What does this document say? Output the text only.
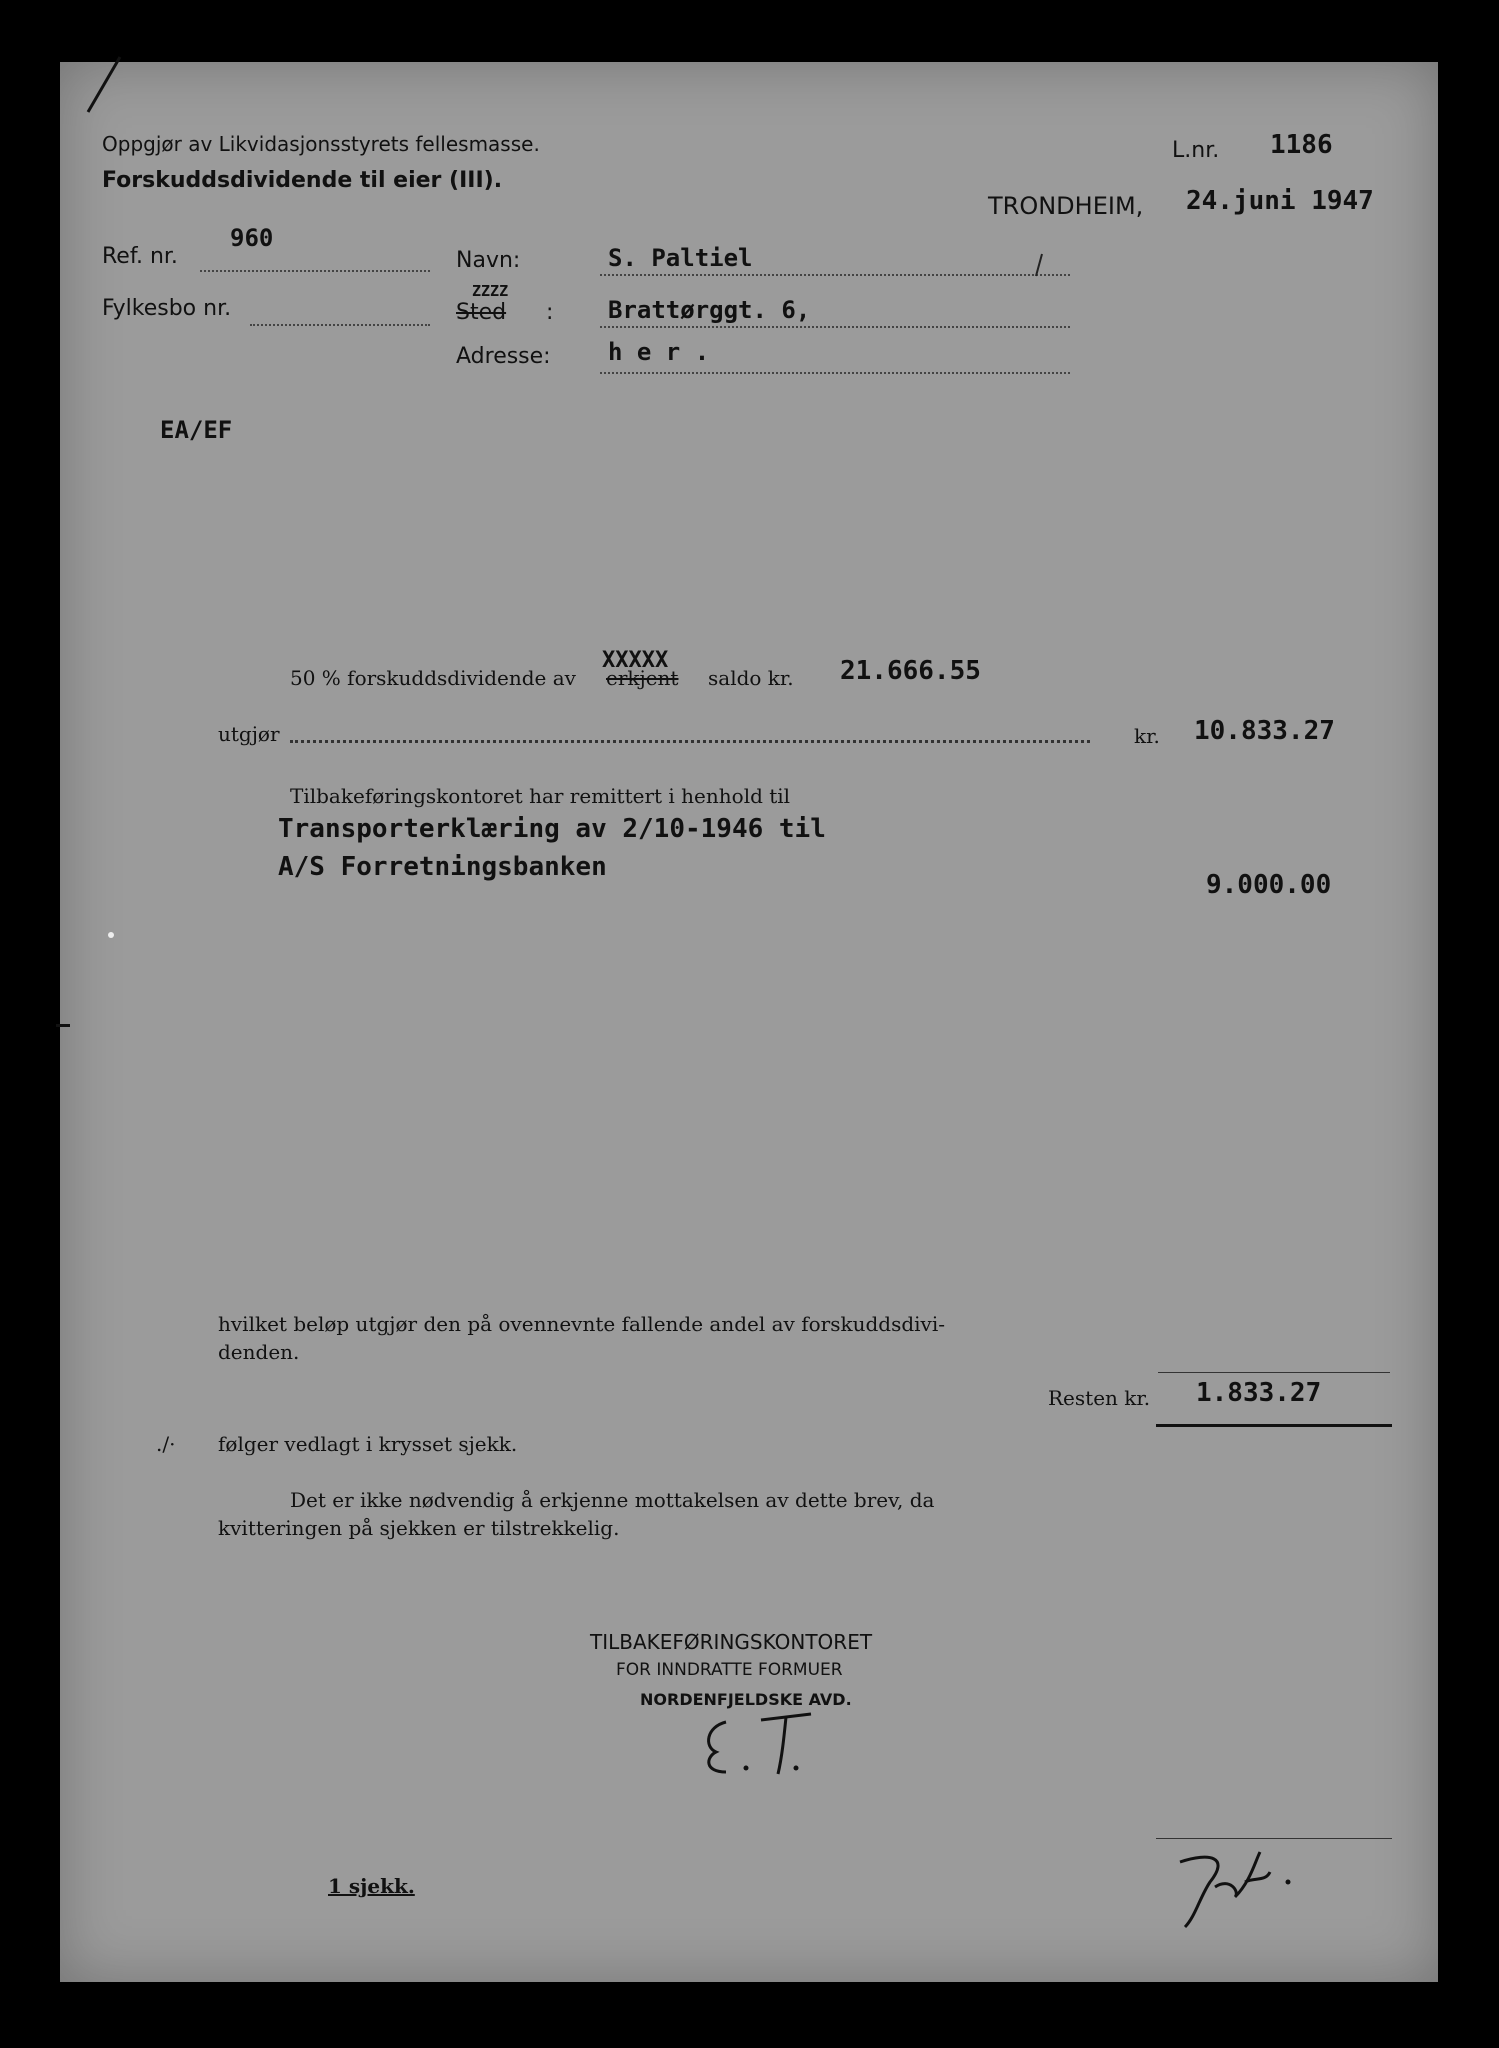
Oppgjør av Likvidasjonsstyrets fellesmasse.
Forskuddsdividende til eier (III).
L.nr. 1186
TRONDHEIM, 24.juni 1947
Ref. nr.
960
Fylkesbo nr.
Navn:	S. Paltiel
Sted
ZZZZ
: Brattørggt. 6,
Adresse: h e r .
EA/EF
50 % forskuddsdividende av erkjent
XXXXX
saldo kr. 21.666.55
utgjør	kr. 10.833.27
Tilbakeføringskontoret har remittert i henhold til
Transporterklæring av 2/10-1946 til
A/S Forretningsbanken
9.000.00
hvilket beløp utgjør den på ovennevnte fallende andel av forskuddsdivi-
denden.
Resten kr. 1.833.27
./· følger vedlagt i krysset sjekk.
Det er ikke nødvendig å erkjenne mottakelsen av dette brev, da
kvitteringen på sjekken er tilstrekkelig.
TILBAKEFØRINGSKONTORET
FOR INNDRATTE FORMUER
NORDENFJELDSKE AVD.
1 sjekk.
